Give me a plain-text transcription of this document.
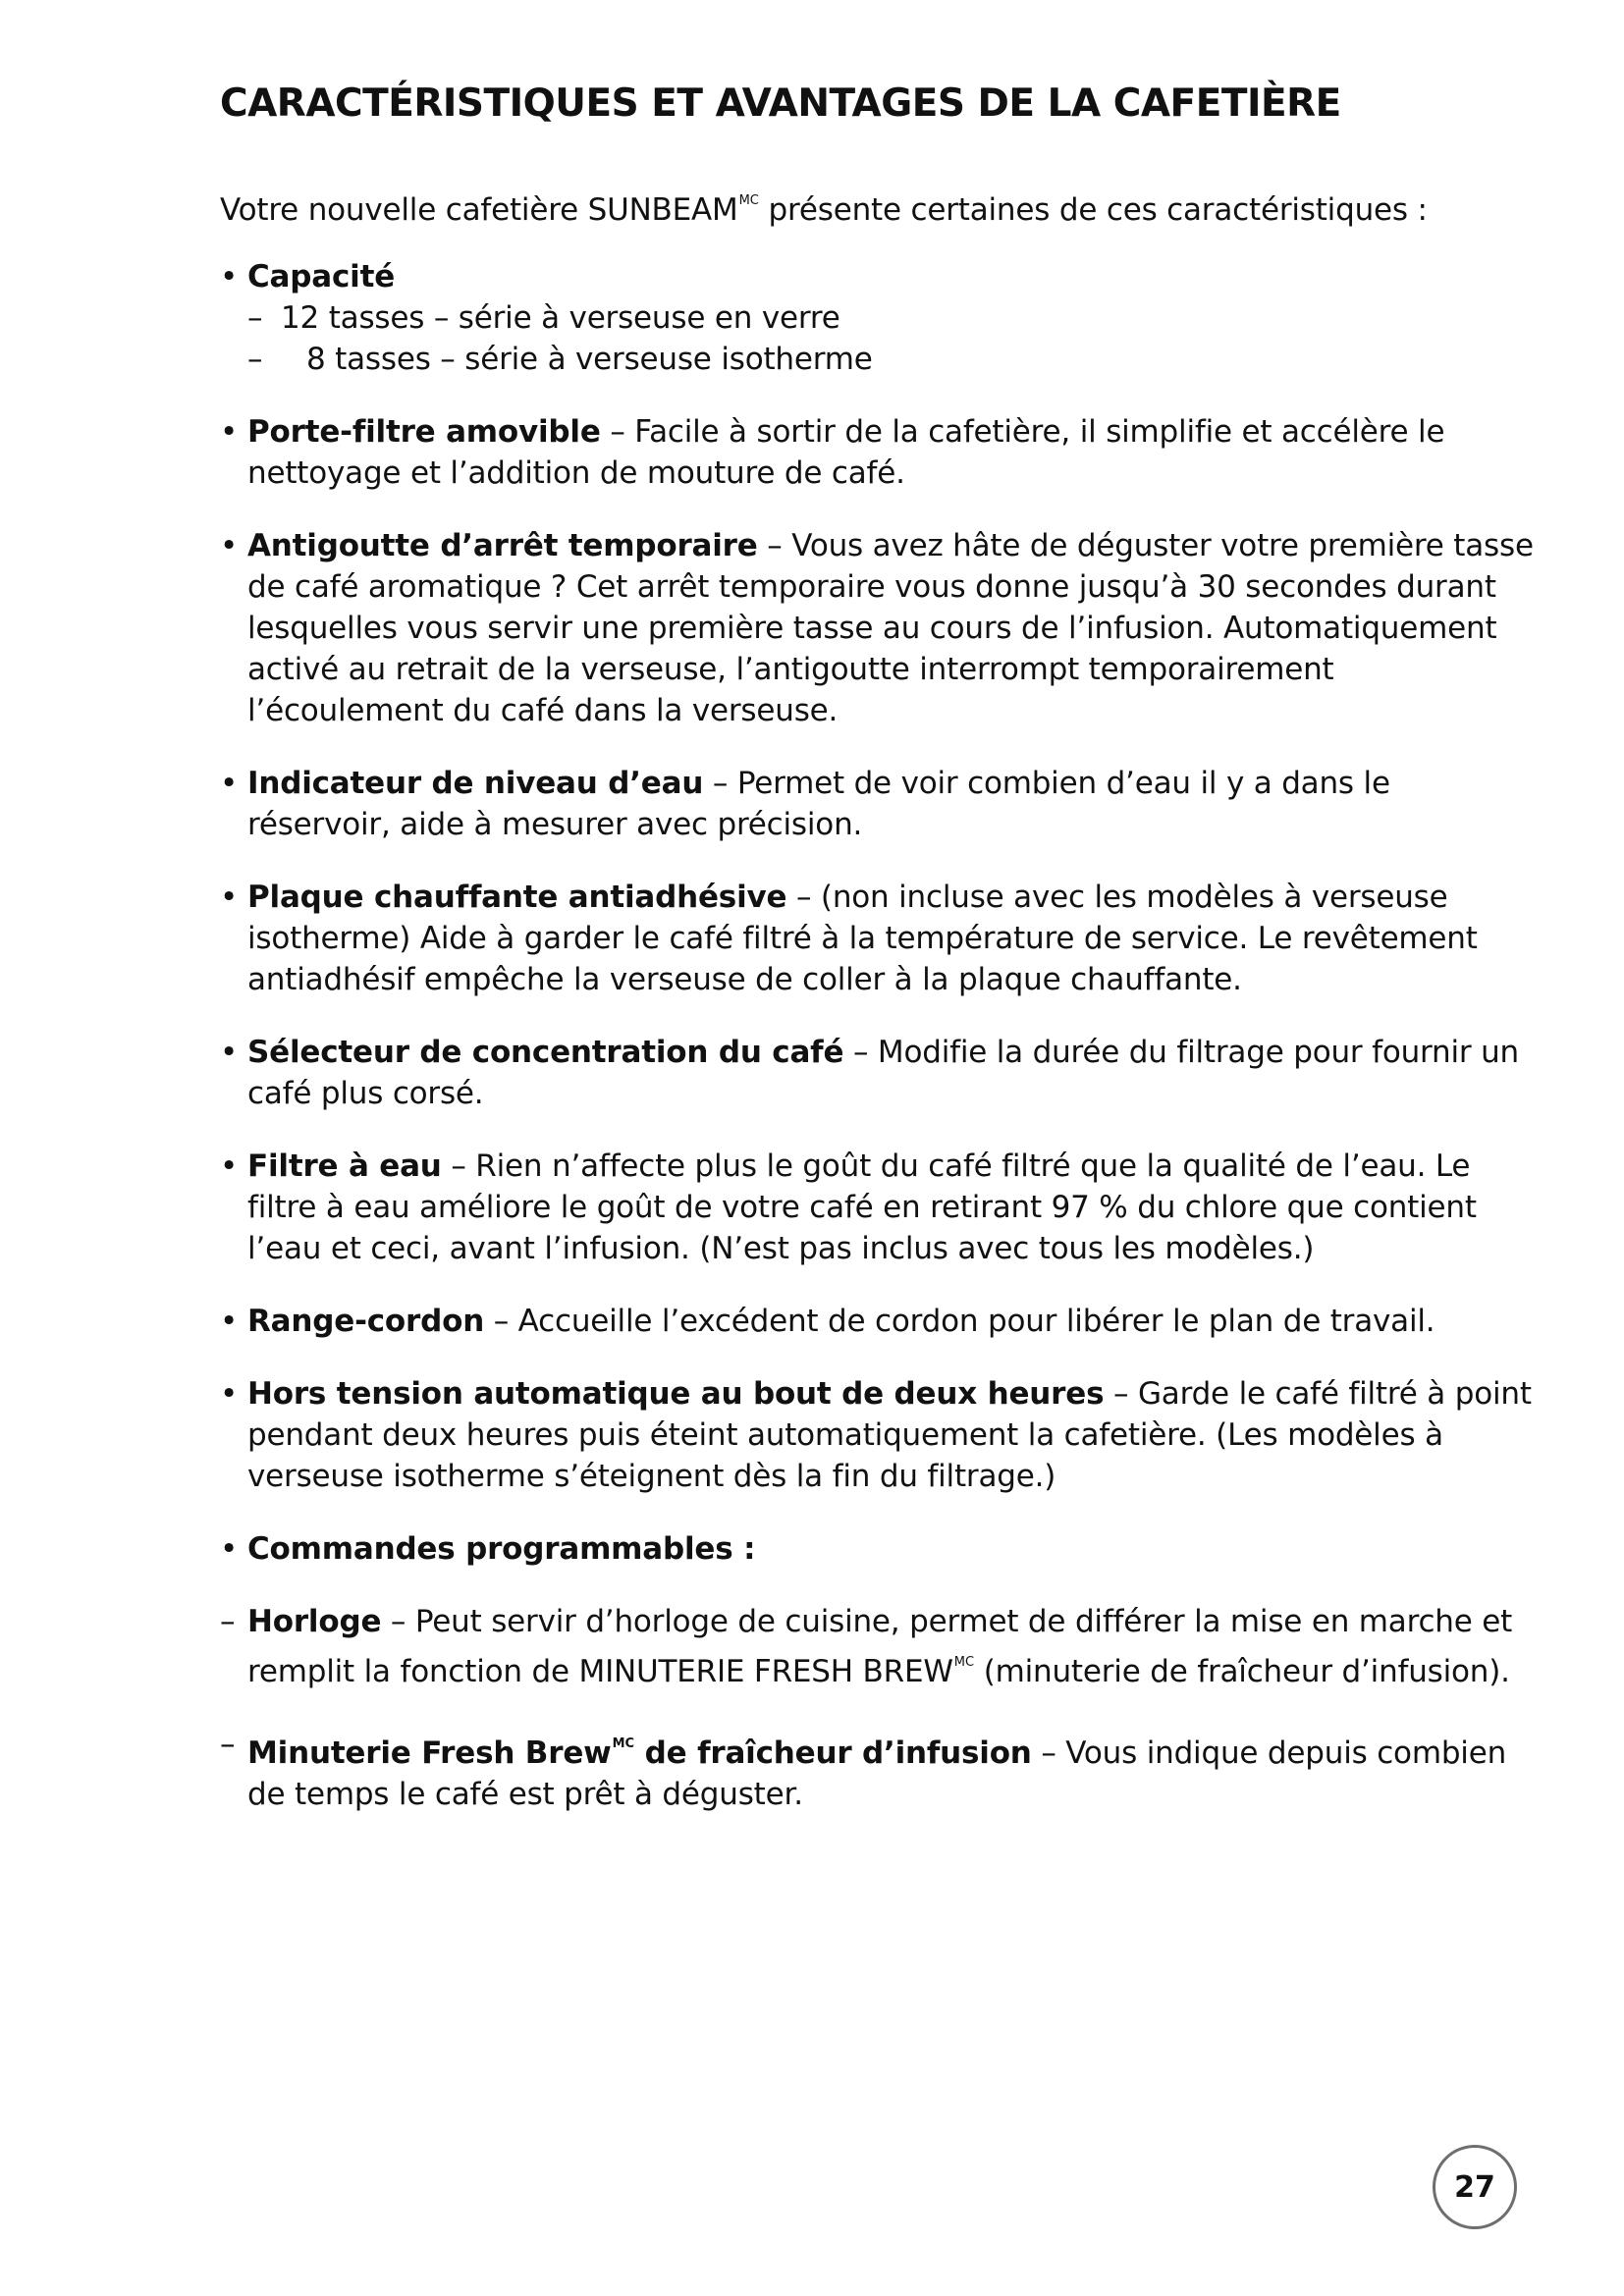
CARACTÉRISTIQUES ET AVANTAGES DE LA CAFETIÈRE

Votre nouvelle cafetière $SUNBEAM^{MC}$ présente certaines de ces caractéristiques :

• Capacité
– 12 tasses – série à verseuse en verre
– 8 tasses – série à verseuse isotherme
• Porte-filtre amovible – Facile à sortir de la cafetière, il simplifie et accélère le nettoyage et l’addition de mouture de café.
• Antigoutte d’arrêt temporaire – Vous avez hâte de déguster votre première tasse de café aromatique ? Cet arrêt temporaire vous donne jusqu’à 30 secondes durant lesquelles vous servir une première tasse au cours de l’infusion. Automatiquement activé au retrait de la verseuse, l’antigoutte interrompt temporairement l’écoulement du café dans la verseuse.
• Indicateur de niveau d’eau – Permet de voir combien d’eau il y a dans le réservoir, aide à mesurer avec précision.
• Plaque chauffante antiadhésive – (non incluse avec les modèles à verseuse isotherme) Aide à garder le café filtré à la température de service. Le revêtement antiadhésif empêche la verseuse de coller à la plaque chauffante.
• Sélecteur de concentration du café – Modifie la durée du filtrage pour fournir un café plus corsé.
• Filtre à eau – Rien n’affecte plus le goût du café filtré que la qualité de l’eau. Le filtre à eau améliore le goût de votre café en retirant 97 % du chlore que contient l’eau et ceci, avant l’infusion. (N’est pas inclus avec tous les modèles.)
• Range-cordon – Accueille l’excédent de cordon pour libérer le plan de travail.
• Hors tension automatique au bout de deux heures – Garde le café filtré à point pendant deux heures puis éteint automatiquement la cafetière. (Les modèles à verseuse isotherme s’éteignent dès la fin du filtrage.)
• Commandes programmables :
– Horloge – Peut servir d’horloge de cuisine, permet de différer la mise en marche et remplit la fonction de MINUTERIE FRESH $BREW^{MC}$ (minuterie de fraîcheur d’infusion).
– Minuterie Fresh Brew$^{MC}$ de fraîcheur d’infusion – Vous indique depuis combien de temps le café est prêt à déguster.
27
